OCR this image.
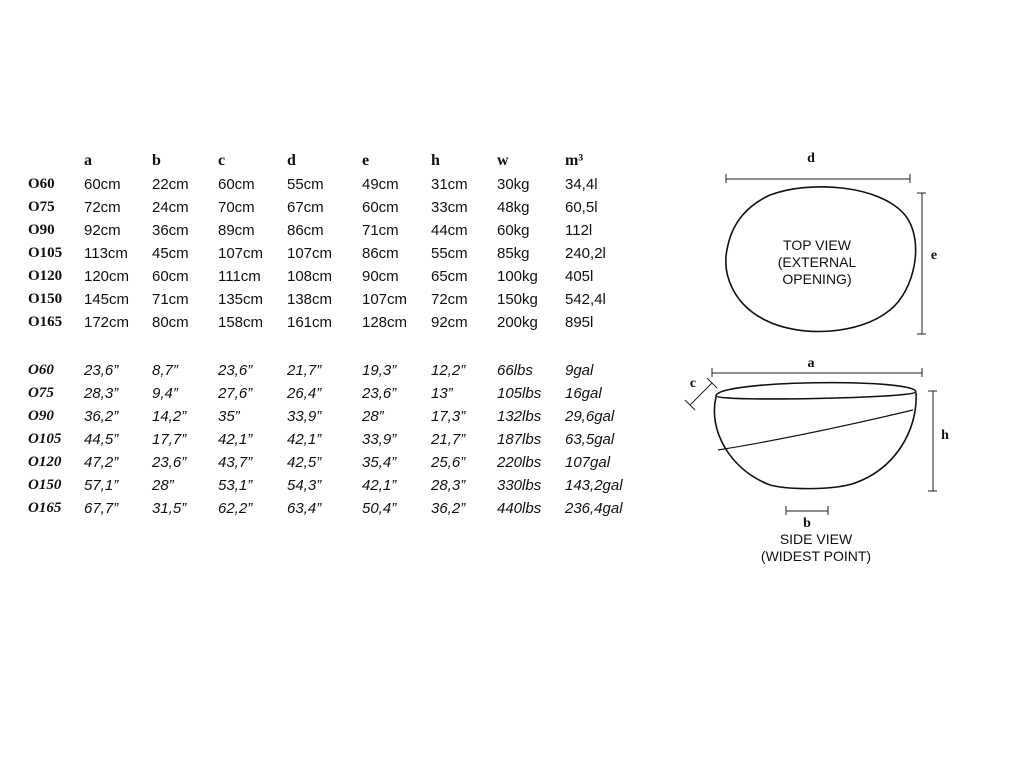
a	b	c	d	e	h	w	m³
O60 60cm 22cm 60cm 55cm	49cm 31cm 30kg 34,4l
O75 72cm 24cm 70cm 67cm	60cm 33cm 48kg 60,5l
O90 92cm 36cm 89cm 86cm	71cm 44cm 60kg 112l
O105 113cm 45cm 107cm 107cm 86cm 55cm 85kg 240,2l
O120 120cm 60cm 111cm 108cm 90cm 65cm 100kg 405l
O150 145cm 71cm 135cm 138cm 107cm 72cm 150kg 542,4l
O165 172cm 80cm 158cm 161cm 128cm 92cm 200kg 895l
O60 23,6” 8,7”	23,6” 21,7”	19,3” 12,2” 66lbs 9gal
O75 28,3” 9,4”	27,6” 26,4”	23,6” 13”	105lbs 16gal
O90 36,2” 14,2” 35”	33,9”	28”	17,3” 132lbs 29,6gal
O105 44,5” 17,7” 42,1” 42,1”	33,9” 21,7” 187lbs 63,5gal
O120 47,2” 23,6” 43,7” 42,5”	35,4” 25,6” 220lbs 107gal
O150 57,1” 28”	53,1” 54,3”	42,1” 28,3” 330lbs 143,2gal
O165 67,7” 31,5” 62,2” 63,4”	50,4” 36,2” 440lbs 236,4gal
d
e
TOP VIEW
(EXTERNAL
OPENING)
a
c
h
b
SIDE VIEW
(WIDEST POINT)
